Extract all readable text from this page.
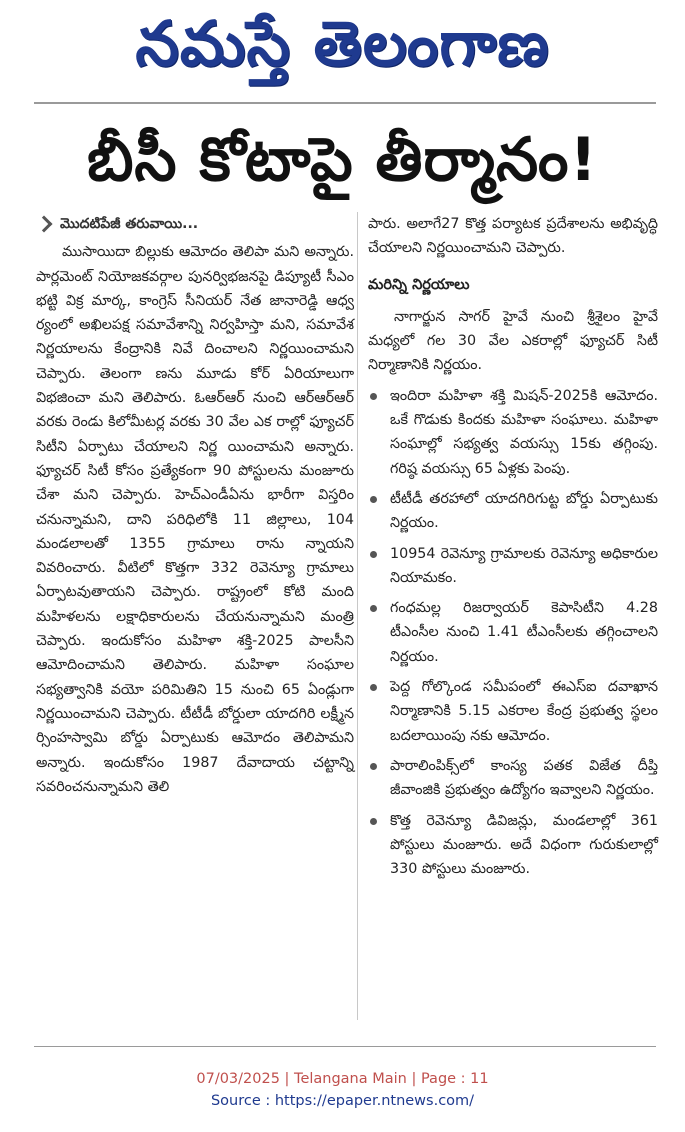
నమస్తే తెలంగాణ
బీసీ కోటాపై తీర్మానం!
మొదటిపేజీ తరువాయి...

ముసాయిదా బిల్లుకు ఆమోదం తెలిపా మని అన్నారు. పార్లమెంట్ నియోజకవర్గాల పునర్విభజనపై డిప్యూటీ సీఎం భట్టి విక్ర మార్క, కాంగ్రెస్ సీనియర్ నేత జానారెడ్డి ఆధ్వ ర్యంలో అఖిలపక్ష సమావేశాన్ని నిర్వహిస్తా మని, సమావేశ నిర్ణయాలను కేంద్రానికి నివే దించాలని నిర్ణయించామని చెప్పారు. తెలంగా ణను మూడు కోర్ ఏరియాలుగా విభజించా మని తెలిపారు. ఓఆర్ఆర్ నుంచి ఆర్ఆర్ఆర్ వరకు రెండు కిలోమీటర్ల వరకు 30 వేల ఎక రాల్లో ఫ్యూచర్ సిటీని ఏర్పాటు చేయాలని నిర్ణ యించామని అన్నారు. ఫ్యూచర్ సిటీ కోసం ప్రత్యేకంగా 90 పోస్టులను మంజూరు చేశా మని చెప్పారు. హెచ్ఎండీఏను భారీగా విస్తరిం చనున్నామని, దాని పరిధిలోకి 11 జిల్లాలు, 104 మండలాలతో 1355 గ్రామాలు రాను న్నాయని వివరించారు. వీటిలో కొత్తగా 332 రెవెన్యూ గ్రామాలు ఏర్పాటవుతాయని చెప్పారు. రాష్ట్రంలో కోటి మంది మహిళలను లక్షాధికారులను చేయనున్నామని మంత్రి చెప్పారు. ఇందుకోసం మహిళా శక్తి-2025 పాలసీని ఆమోదించామని తెలిపారు. మహిళా సంఘాల సభ్యత్వానికి వయో పరిమితిని 15 నుంచి 65 ఏండ్లుగా నిర్ణయించామని చెప్పారు. టీటీడీ బోర్డులా యాదగిరి లక్ష్మీన ర్సింహస్వామి బోర్డు ఏర్పాటుకు ఆమోదం తెలిపామని అన్నారు. ఇందుకోసం 1987 దేవాదాయ చట్టాన్ని సవరించనున్నామని తెలి

పారు. అలాగే27 కొత్త పర్యాటక ప్రదేశాలను అభివృద్ధి చేయాలని నిర్ణయించామని చెప్పారు.

మరిన్ని నిర్ణయాలు

నాగార్జున సాగర్ హైవే నుంచి శ్రీశైలం హైవే మధ్యలో గల 30 వేల ఎకరాల్లో ఫ్యూచర్ సిటీ నిర్మాణానికి నిర్ణయం.

ఇందిరా మహిళా శక్తి మిషన్-2025కి ఆమోదం. ఒకే గొడుకు కిందకు మహిళా సంఘాలు. మహిళా సంఘాల్లో సభ్యత్వ వయస్సు 15కు తగ్గింపు. గరిష్ఠ వయస్సు 65 ఏళ్లకు పెంపు.
టీటీడీ తరహాలో యాదగిరిగుట్ట బోర్డు ఏర్పాటుకు నిర్ణయం.
10954 రెవెన్యూ గ్రామాలకు రెవెన్యూ అధికారుల నియామకం.
గంధమల్ల రిజర్వాయర్ కెపాసిటీని 4.28 టీఎంసీల నుంచి 1.41 టీఎంసీలకు తగ్గించాలని నిర్ణయం.
పెద్ద గోల్కొండ సమీపంలో ఈఎస్ఐ దవాఖాన నిర్మాణానికి 5.15 ఎకరాల కేంద్ర ప్రభుత్వ స్థలం బదలాయింపు నకు ఆమోదం.
పారాలింపిక్స్‌లో కాంస్య పతక విజేత దీప్తి జీవాంజికి ప్రభుత్వం ఉద్యోగం ఇవ్వాలని నిర్ణయం.
కొత్త రెవెన్యూ డివిజన్లు, మండలాల్లో 361 పోస్టులు మంజూరు. అదే విధంగా గురుకులాల్లో 330 పోస్టులు మంజూరు.
07/03/2025 | Telangana Main | Page : 11
Source : https://epaper.ntnews.com/
